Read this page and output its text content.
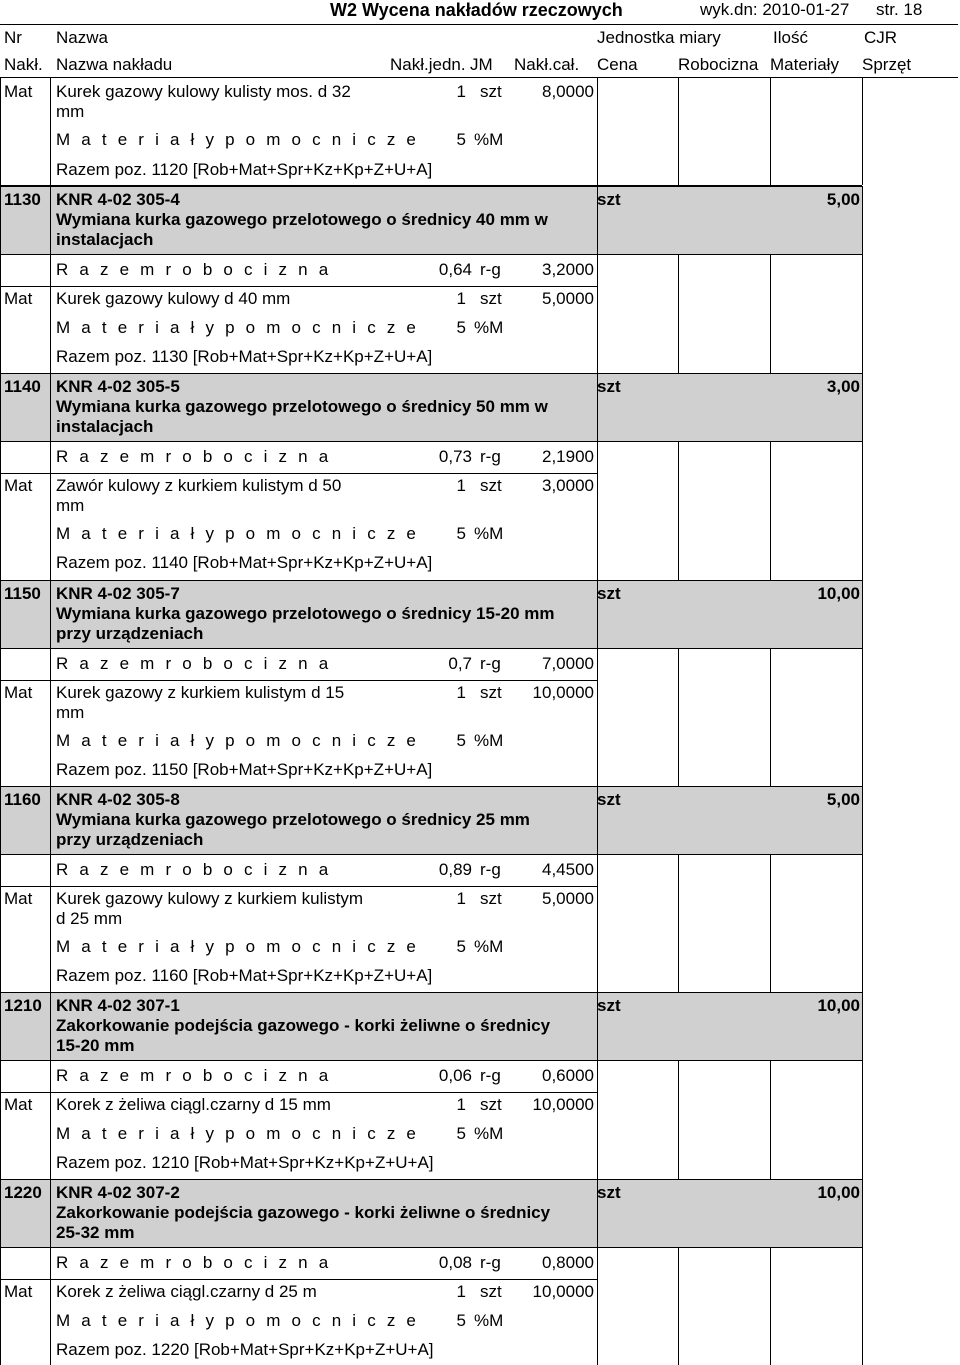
W2 Wycena nakładów rzeczowych	wyk.dn: 2010-01-27 str. 18
Nr Nazwa	Jednostka miary	Ilość	CJR
Nakł. Nazwa nakładu	Nakł.jedn. JM Nakł.cał. Cena Robocizna Materiały Sprzęt
Mat Kurek gazowy kulowy kulisty mos. d 32
mm
1 szt	8,0000
M a t e r i a ł y p o m o c n i c z e	5 %M
Razem poz. 1120 [Rob+Mat+Spr+Kz+Kp+Z+U+A]
1130 KNR 4-02 305-4
Wymiana kurka gazowego przelotowego o średnicy 40 mm w
instalacjach
szt	5,00
R a z e m r o b o c i z n a	0,64 r-g	3,2000
Mat Kurek gazowy kulowy d 40 mm	1 szt	5,0000
M a t e r i a ł y p o m o c n i c z e	5 %M
Razem poz. 1130 [Rob+Mat+Spr+Kz+Kp+Z+U+A]
1140 KNR 4-02 305-5
Wymiana kurka gazowego przelotowego o średnicy 50 mm w
instalacjach
szt	3,00
R a z e m r o b o c i z n a	0,73 r-g	2,1900
Mat Zawór kulowy z kurkiem kulistym d 50
mm
1 szt	3,0000
M a t e r i a ł y p o m o c n i c z e	5 %M
Razem poz. 1140 [Rob+Mat+Spr+Kz+Kp+Z+U+A]
1150 KNR 4-02 305-7
Wymiana kurka gazowego przelotowego o średnicy 15-20 mm
przy urządzeniach
szt	10,00
R a z e m r o b o c i z n a	0,7 r-g	7,0000
Mat Kurek gazowy z kurkiem kulistym d 15
mm
1 szt	10,0000
M a t e r i a ł y p o m o c n i c z e	5 %M
Razem poz. 1150 [Rob+Mat+Spr+Kz+Kp+Z+U+A]
1160 KNR 4-02 305-8
Wymiana kurka gazowego przelotowego o średnicy 25 mm
przy urządzeniach
szt	5,00
R a z e m r o b o c i z n a	0,89 r-g	4,4500
Mat Kurek gazowy kulowy z kurkiem kulistym
d 25 mm
1 szt	5,0000
M a t e r i a ł y p o m o c n i c z e	5 %M
Razem poz. 1160 [Rob+Mat+Spr+Kz+Kp+Z+U+A]
1210 KNR 4-02 307-1
Zakorkowanie podejścia gazowego - korki żeliwne o średnicy
15-20 mm
szt	10,00
R a z e m r o b o c i z n a	0,06 r-g	0,6000
Mat Korek z żeliwa ciągl.czarny d 15 mm	1 szt	10,0000
M a t e r i a ł y p o m o c n i c z e	5 %M
Razem poz. 1210 [Rob+Mat+Spr+Kz+Kp+Z+U+A]
1220 KNR 4-02 307-2
Zakorkowanie podejścia gazowego - korki żeliwne o średnicy
25-32 mm
szt	10,00
R a z e m r o b o c i z n a	0,08 r-g	0,8000
Mat Korek z żeliwa ciągl.czarny d 25 m	1 szt	10,0000
M a t e r i a ł y p o m o c n i c z e	5 %M
Razem poz. 1220 [Rob+Mat+Spr+Kz+Kp+Z+U+A]
